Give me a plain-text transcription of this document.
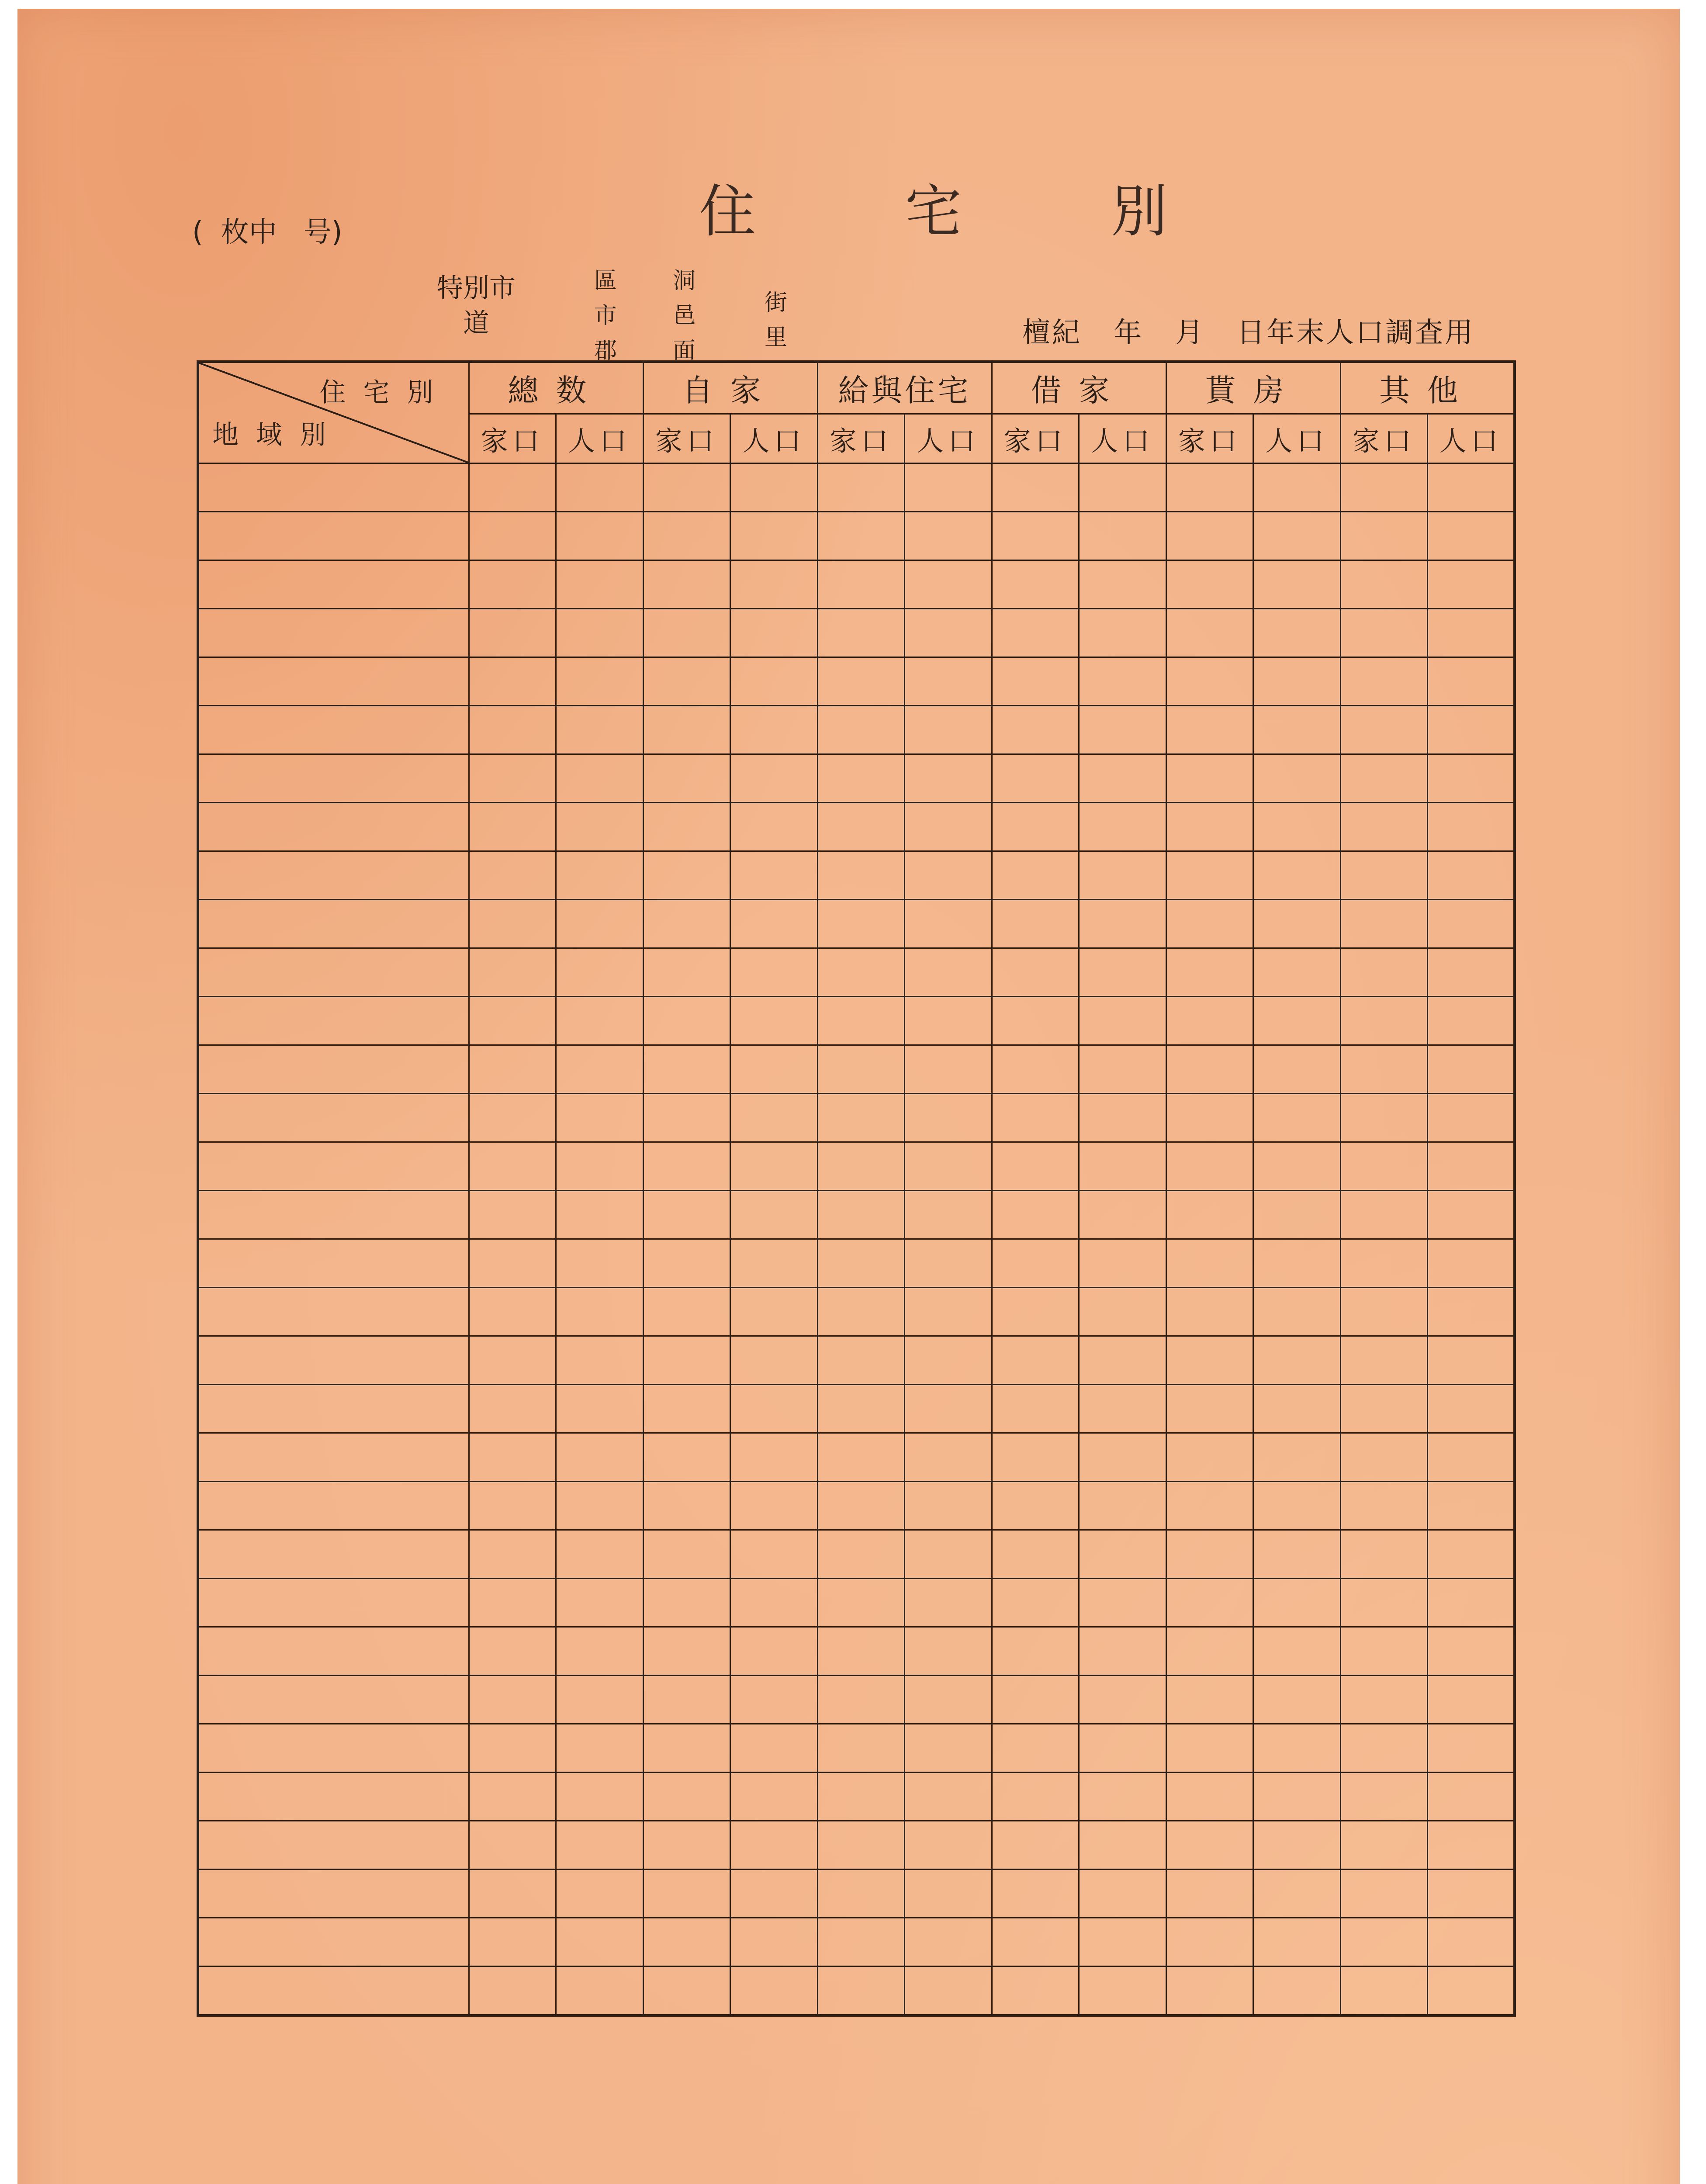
住 宅 別
(  枚中   号)
特別市
道
區
市
郡
洞
邑
面
街
里	檀紀   年   月   日年末人口調査用
住宅別
地域別	總数		自家		給與住宅		借家		貰房		其他	
	家口	人口	家口	人口	家口	人口	家口	人口	家口	人口	家口	人口
